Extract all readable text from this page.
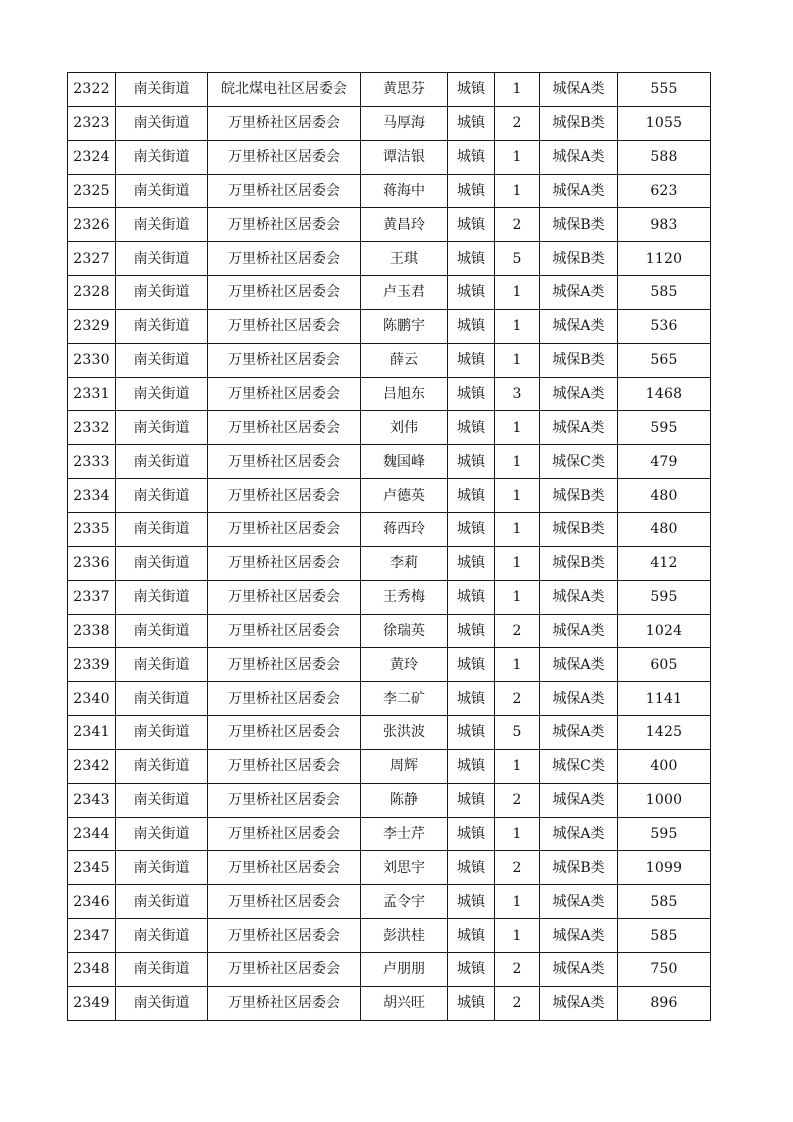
2322	南关街道	皖北煤电社区居委会	黄思芬	城镇	1	城保A类	555
2323	南关街道	万里桥社区居委会	马厚海	城镇	2	城保B类	1055
2324	南关街道	万里桥社区居委会	谭洁银	城镇	1	城保A类	588
2325	南关街道	万里桥社区居委会	蒋海中	城镇	1	城保A类	623
2326	南关街道	万里桥社区居委会	黄昌玲	城镇	2	城保B类	983
2327	南关街道	万里桥社区居委会	王琪	城镇	5	城保B类	1120
2328	南关街道	万里桥社区居委会	卢玉君	城镇	1	城保A类	585
2329	南关街道	万里桥社区居委会	陈鹏宇	城镇	1	城保A类	536
2330	南关街道	万里桥社区居委会	薛云	城镇	1	城保B类	565
2331	南关街道	万里桥社区居委会	吕旭东	城镇	3	城保A类	1468
2332	南关街道	万里桥社区居委会	刘伟	城镇	1	城保A类	595
2333	南关街道	万里桥社区居委会	魏国峰	城镇	1	城保C类	479
2334	南关街道	万里桥社区居委会	卢德英	城镇	1	城保B类	480
2335	南关街道	万里桥社区居委会	蒋西玲	城镇	1	城保B类	480
2336	南关街道	万里桥社区居委会	李莉	城镇	1	城保B类	412
2337	南关街道	万里桥社区居委会	王秀梅	城镇	1	城保A类	595
2338	南关街道	万里桥社区居委会	徐瑞英	城镇	2	城保A类	1024
2339	南关街道	万里桥社区居委会	黄玲	城镇	1	城保A类	605
2340	南关街道	万里桥社区居委会	李二矿	城镇	2	城保A类	1141
2341	南关街道	万里桥社区居委会	张洪波	城镇	5	城保A类	1425
2342	南关街道	万里桥社区居委会	周辉	城镇	1	城保C类	400
2343	南关街道	万里桥社区居委会	陈静	城镇	2	城保A类	1000
2344	南关街道	万里桥社区居委会	李士芹	城镇	1	城保A类	595
2345	南关街道	万里桥社区居委会	刘思宇	城镇	2	城保B类	1099
2346	南关街道	万里桥社区居委会	孟令宇	城镇	1	城保A类	585
2347	南关街道	万里桥社区居委会	彭洪桂	城镇	1	城保A类	585
2348	南关街道	万里桥社区居委会	卢朋朋	城镇	2	城保A类	750
2349	南关街道	万里桥社区居委会	胡兴旺	城镇	2	城保A类	896
